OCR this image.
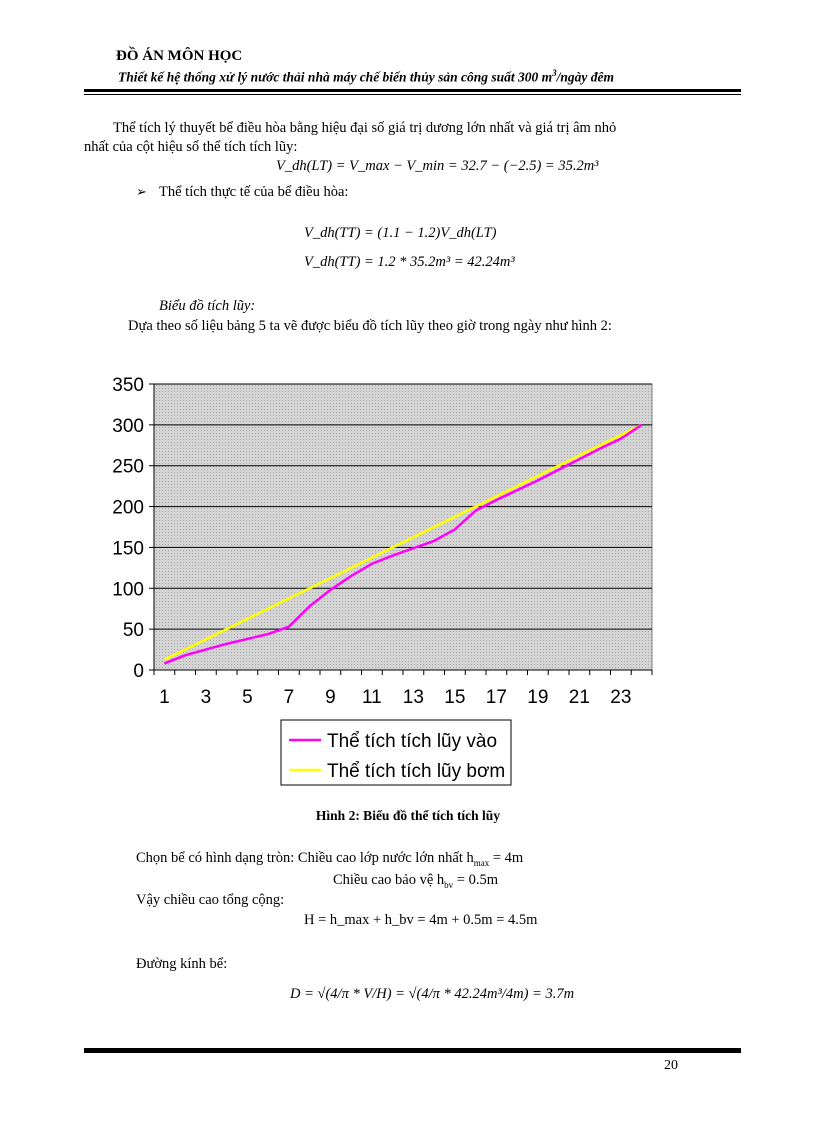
ĐỒ ÁN MÔN HỌC
Thiết kế hệ thống xử lý nước thải nhà máy chế biến thủy sản công suất 300 $m^3$/ngày đêm
Thể tích lý thuyết bể điều hòa bằng hiệu đại số giá trị dương lớn nhất và giá trị âm nhỏ
nhất của cột hiệu số thể tích tích lũy:
V_dh(LT) = V_max − V_min = 32.7 − (−2.5) = 35.2m³
➢ Thể tích thực tế của bể điều hòa:
V_dh(TT) = (1.1 − 1.2)V_dh(LT)
V_dh(TT) = 1.2 * 35.2m³ = 42.24m³
Biểu đồ tích lũy:
Dựa theo số liệu bảng 5 ta vẽ được biểu đồ tích lũy theo giờ trong ngày như hình 2:
0
50
100
150
200
250
300
350
1 3 5 7 9 11 13 15 17 19 21 23
Thể tích tích lũy vào
Thể tích tích lũy bơm
Hình 2: Biểu đồ thể tích tích lũy
Chọn bể có hình dạng tròn: Chiều cao lớp nước lớn nhất $h_{max} = 4m$
Chiều cao bảo vệ $h_{bv} = 0.5m$
Vậy chiều cao tổng cộng:
H = h_max + h_bv = 4m + 0.5m = 4.5m
Đường kính bể:
D = √(4/π * V/H) = √(4/π * 42.24m³/4m) = 3.7m
20
